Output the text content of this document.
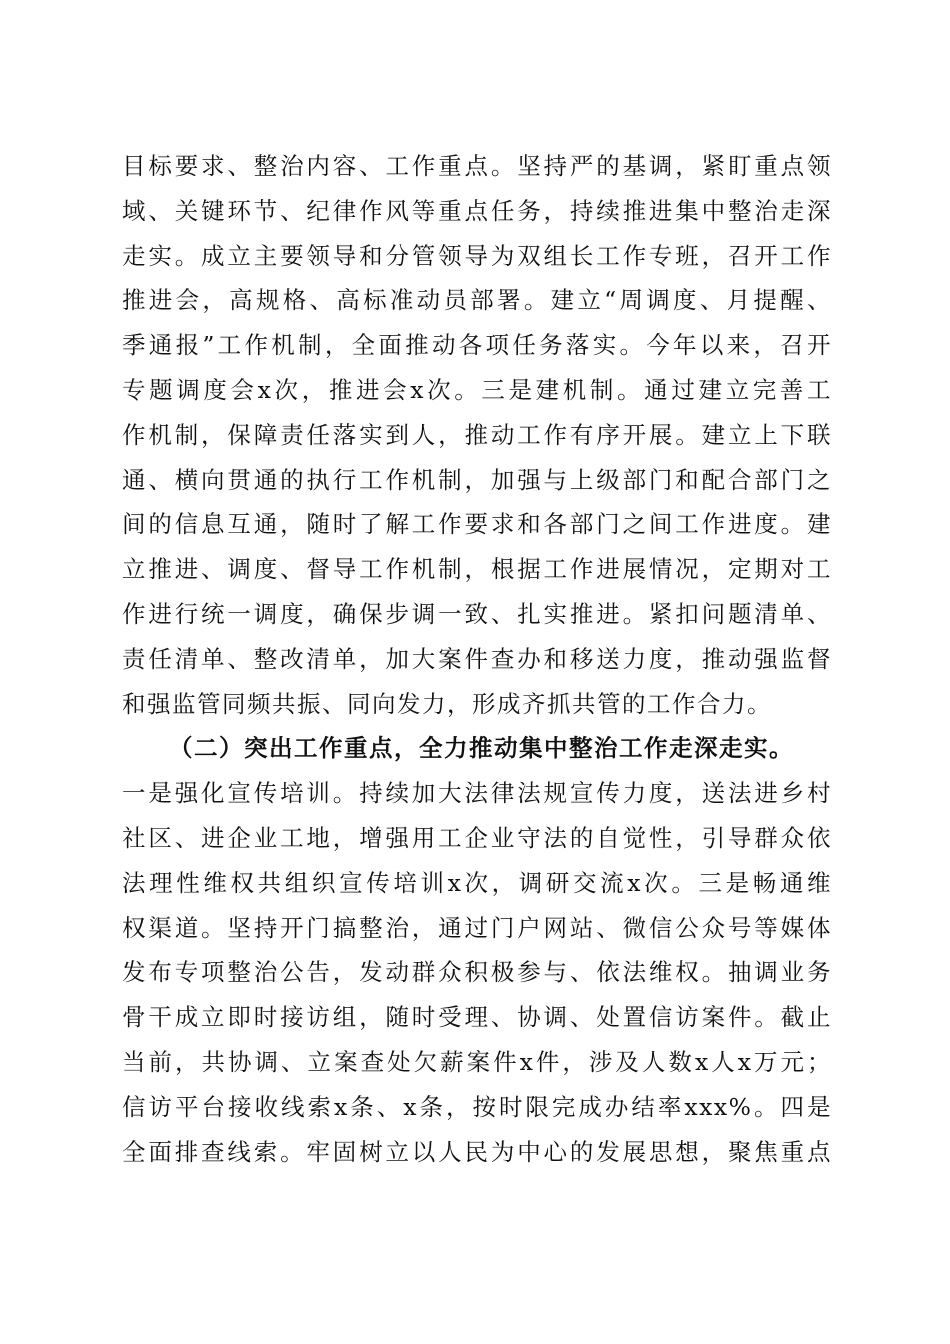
目标要求、整治内容、工作重点。坚持严的基调，紧盯重点领
域、关键环节、纪律作风等重点任务，持续推进集中整治走深
走实。成立主要领导和分管领导为双组长工作专班，召开工作
推进会，高规格、高标准动员部署。建立“周调度、月提醒、
季通报”工作机制，全面推动各项任务落实。今年以来，召开
专题调度会x次，推进会x次。三是建机制。通过建立完善工
作机制，保障责任落实到人，推动工作有序开展。建立上下联
通、横向贯通的执行工作机制，加强与上级部门和配合部门之
间的信息互通，随时了解工作要求和各部门之间工作进度。建
立推进、调度、督导工作机制，根据工作进展情况，定期对工
作进行统一调度，确保步调一致、扎实推进。紧扣问题清单、
责任清单、整改清单，加大案件查办和移送力度，推动强监督
和强监管同频共振、同向发力，形成齐抓共管的工作合力。
（二）突出工作重点，全力推动集中整治工作走深走实。
一是强化宣传培训。持续加大法律法规宣传力度，送法进乡村
社区、进企业工地，增强用工企业守法的自觉性，引导群众依
法理性维权共组织宣传培训x次，调研交流x次。三是畅通维
权渠道。坚持开门搞整治，通过门户网站、微信公众号等媒体
发布专项整治公告，发动群众积极参与、依法维权。抽调业务
骨干成立即时接访组，随时受理、协调、处置信访案件。截止
当前，共协调、立案查处欠薪案件x件，涉及人数x人x万元；
信访平台接收线索x条、x条，按时限完成办结率xxx%。四是
全面排查线索。牢固树立以人民为中心的发展思想，聚焦重点
